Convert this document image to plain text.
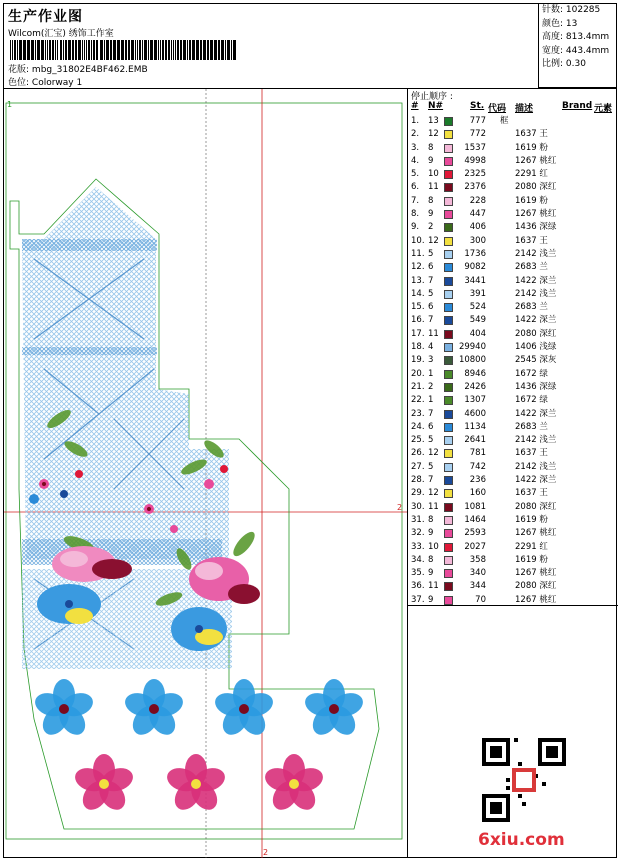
生产作业图
Wilcom(汇宝) 绣饰工作室
花版: mbg_31802E4BF462.EMB
色位: Colorway 1
针数: 102285
颜色: 13
高度: 813.4mm
宽度: 443.4mm
比例: 0.30
1
2
2
停止顺序 :
# N#	St. 代码 描述	Brand 元素
1. 13	777 框
2. 12	772	1637 王
3. 8	1537	1619 粉
4. 9	4998	1267 桃红
5. 10	2325	2291 红
6. 11	2376	2080 深红
7. 8	228	1619 粉
8. 9	447	1267 桃红
9. 2	406	1436 深绿
10. 12	300	1637 王
11. 5	1736	2142 浅兰
12. 6	9082	2683 兰
13. 7	3441	1422 深兰
14. 5	391	2142 浅兰
15. 6	524	2683 兰
16. 7	549	1422 深兰
17. 11	404	2080 深红
18. 4	29940	1406 浅绿
19. 3	10800	2545 深灰
20. 1	8946	1672 绿
21. 2	2426	1436 深绿
22. 1	1307	1672 绿
23. 7	4600	1422 深兰
24. 6	1134	2683 兰
25. 5	2641	2142 浅兰
26. 12	781	1637 王
27. 5	742	2142 浅兰
28. 7	236	1422 深兰
29. 12	160	1637 王
30. 11	1081	2080 深红
31. 8	1464	1619 粉
32. 9	2593	1267 桃红
33. 10	2027	2291 红
34. 8	358	1619 粉
35. 9	340	1267 桃红
36. 11	344	2080 深红
37. 9	70	1267 桃红
6xiu.com
